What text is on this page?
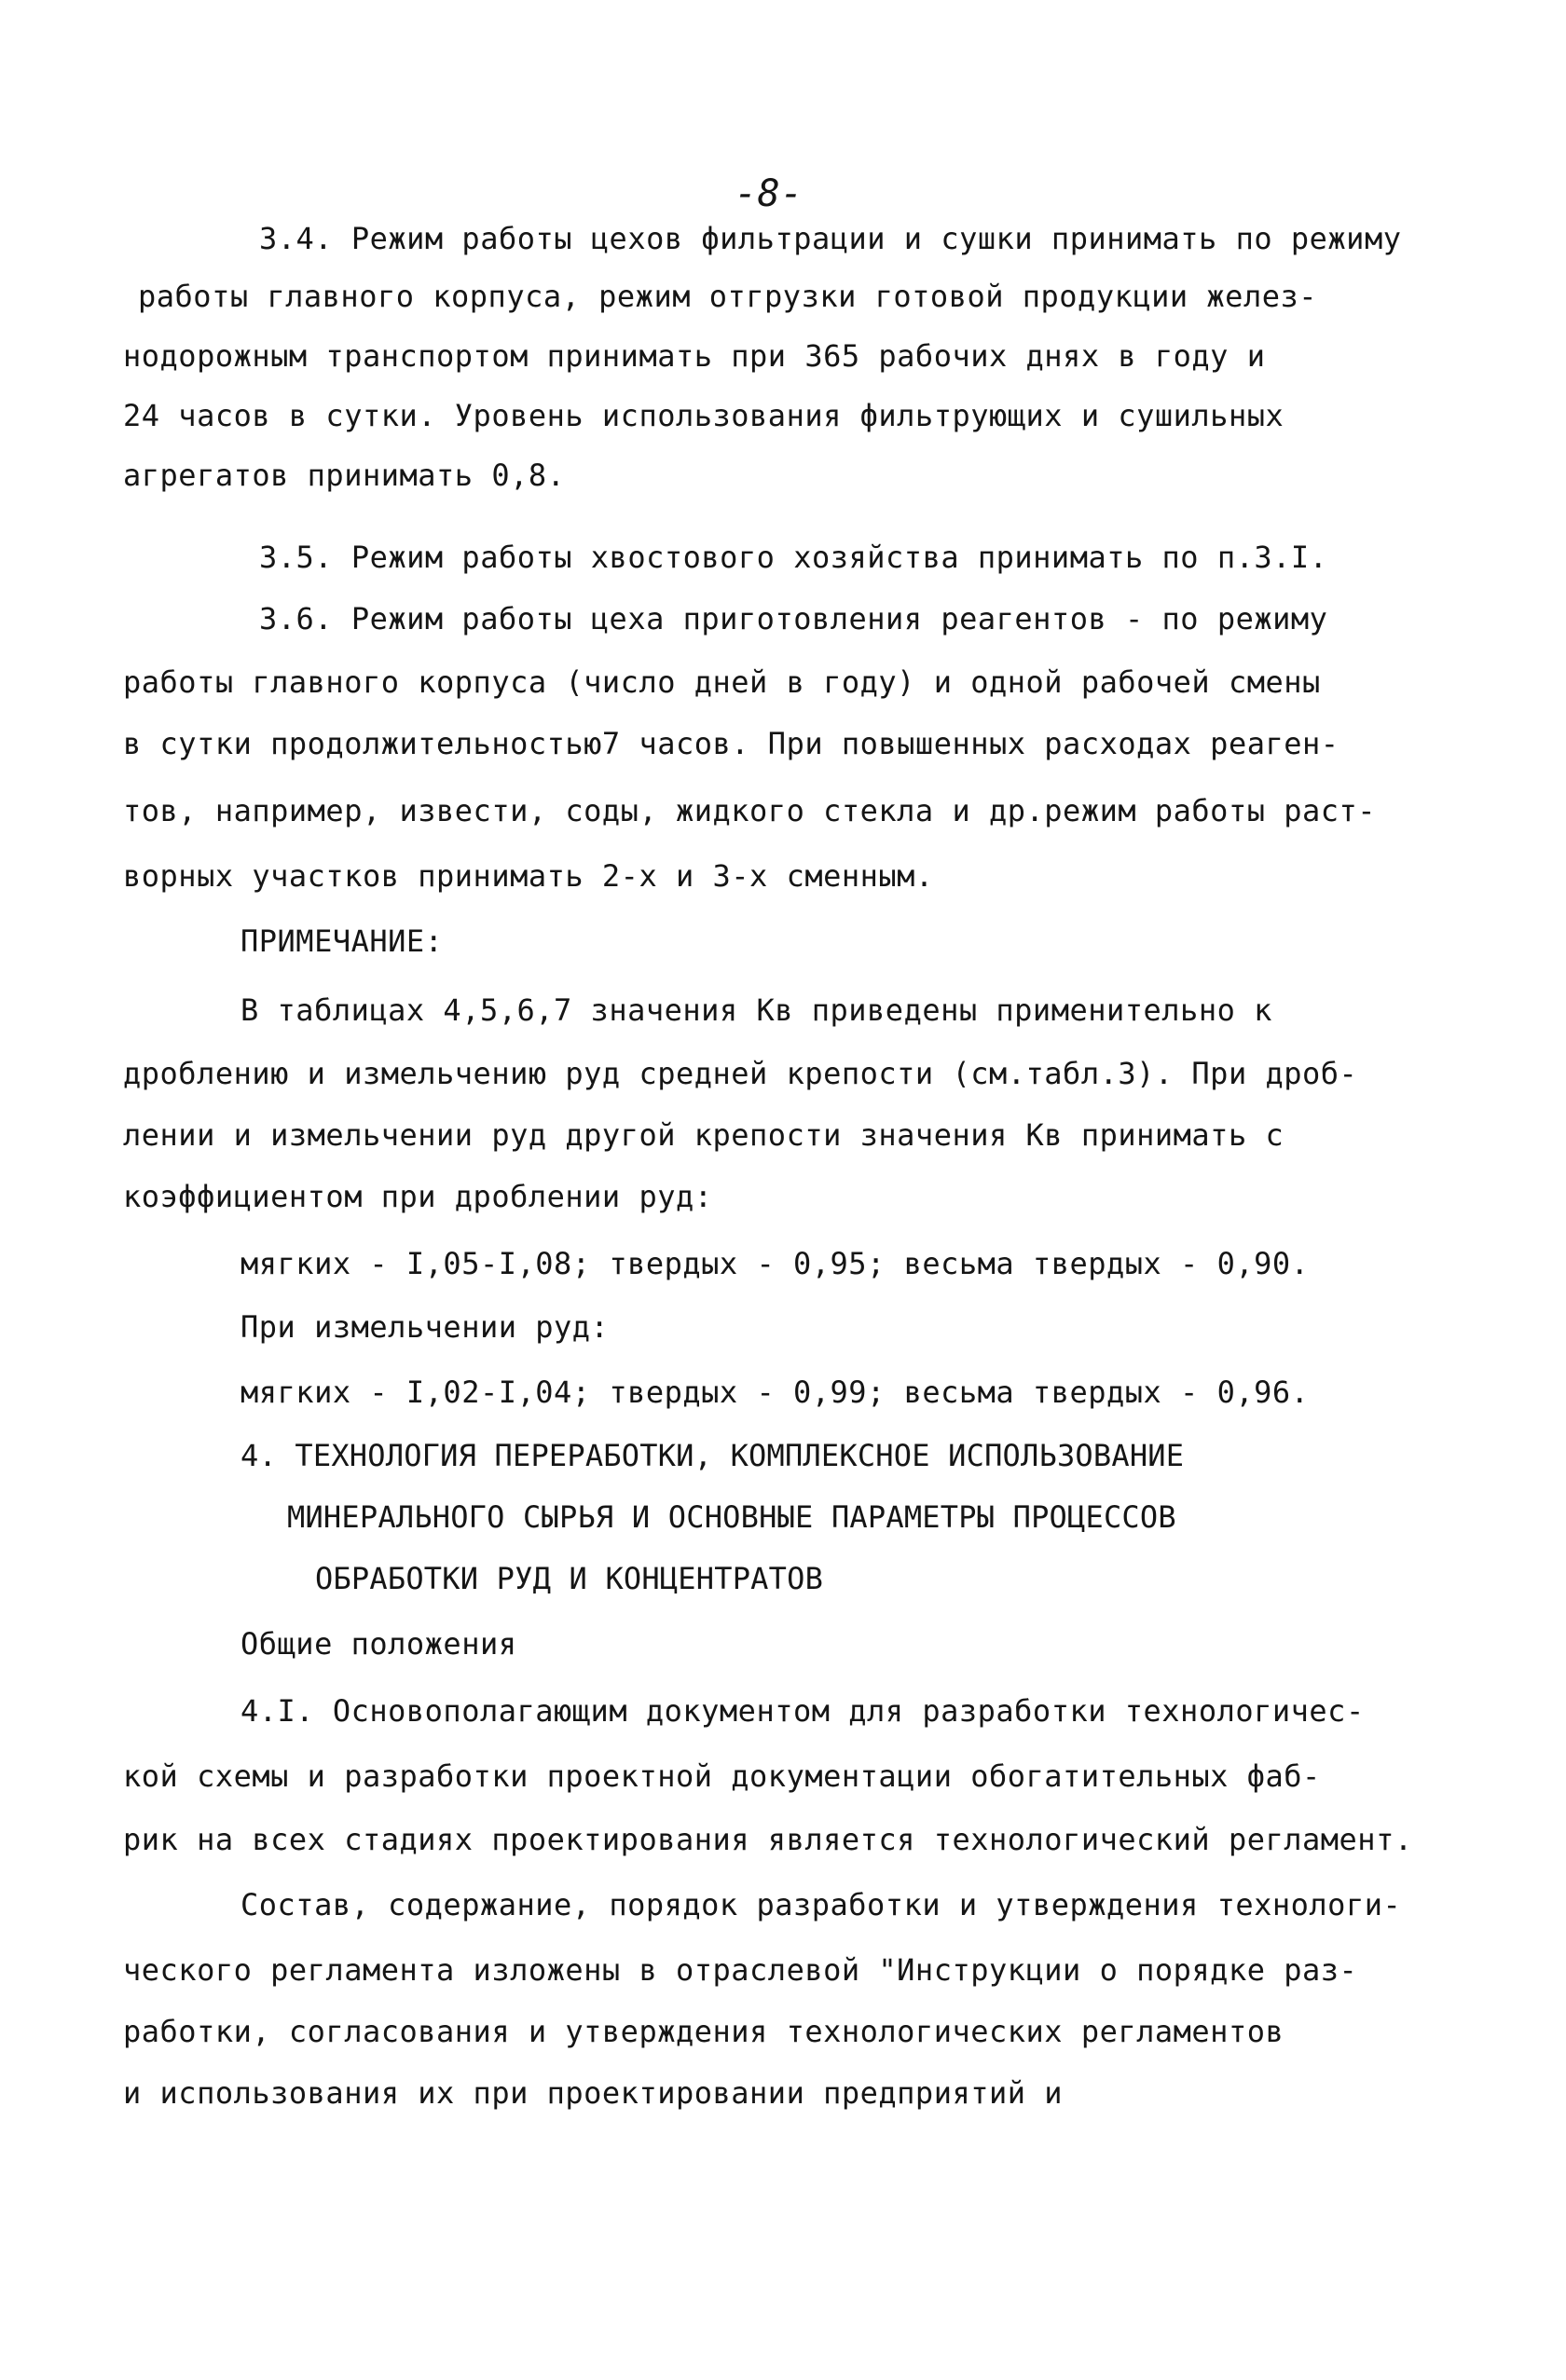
-8-
3.4. Режим работы цехов фильтрации и сушки принимать по режиму
работы главного корпуса, режим отгрузки готовой продукции желез-
нодорожным транспортом принимать при 365 рабочих днях в году и
24 часов в сутки. Уровень использования фильтрующих и сушильных
агрегатов принимать 0,8.
3.5. Режим работы хвостового хозяйства принимать по п.3.I.
3.6. Режим работы цеха приготовления реагентов - по режиму
работы главного корпуса (число дней в году) и одной рабочей смены
в сутки продолжительностью7 часов. При повышенных расходах реаген-
тов, например, извести, соды, жидкого стекла и др.режим работы раст-
ворных участков принимать 2-х и 3-х сменным.
ПРИМЕЧАНИЕ:
В таблицах 4,5,6,7 значения Кв приведены применительно к
дроблению и измельчению руд средней крепости (см.табл.3). При дроб-
лении и измельчении руд другой крепости значения Кв принимать с
коэффициентом при дроблении руд:
мягких - I,05-I,08; твердых - 0,95; весьма твердых - 0,90.
При измельчении руд:
мягких - I,02-I,04; твердых - 0,99; весьма твердых - 0,96.
4. ТЕХНОЛОГИЯ ПЕРЕРАБОТКИ, КОМПЛЕКСНОЕ ИСПОЛЬЗОВАНИЕ
МИНЕРАЛЬНОГО СЫРЬЯ И ОСНОВНЫЕ ПАРАМЕТРЫ ПРОЦЕССОВ
ОБРАБОТКИ РУД И КОНЦЕНТРАТОВ
Общие положения
4.I. Основополагающим документом для разработки технологичес-
кой схемы и разработки проектной документации обогатительных фаб-
рик на всех стадиях проектирования является технологический регламент.
Состав, содержание, порядок разработки и утверждения технологи-
ческого регламента изложены в отраслевой "Инструкции о порядке раз-
работки, согласования и утверждения технологических регламентов
и использования их при проектировании предприятий и
